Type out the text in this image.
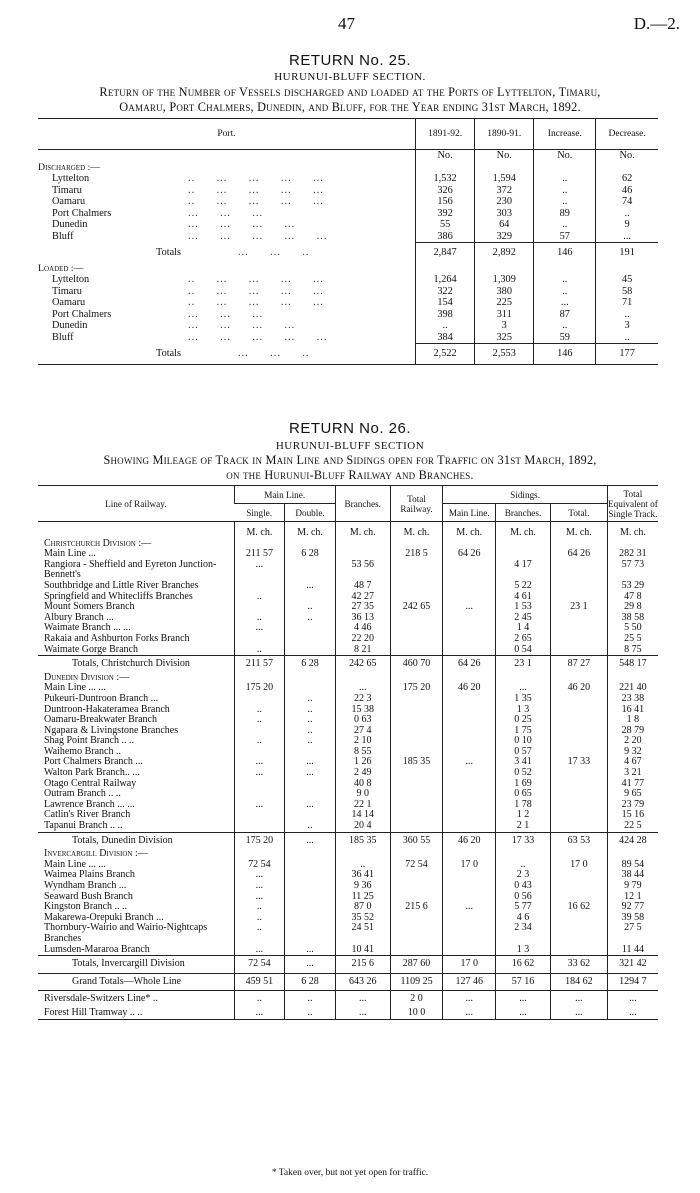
47	D.—2.
RETURN No. 25.
HURUNUI-BLUFF SECTION.
Return of the Number of Vessels discharged and loaded at the Ports of Lyttelton, Timaru,
Oamaru, Port Chalmers, Dunedin, and Bluff, for the Year ending 31st March, 1892.
Port.	1891-92.	1890-91.	Increase.	Decrease.
	No.	No.	No.	No.
Discharged :—				
Lyttelton ..      ...      ...      ...      ...	1,532	1,594	..	62
Timaru ..      ...      ...      ...      ...	326	372	..	46
Oamaru ..      ...      ...      ...      ...	156	230	..	74
Port Chalmers ...      ...      ...	392	303	89	..
Dunedin ...      ...      ...      ...	55	64	..	9
Bluff ...      ...      ...      ...      ...	386	329	57	...
Totals ...      ...      ..	2,847	2,892	146	191
Loaded :—				
Lyttelton ..      ...      ...      ...      ...	1,264	1,309	..	45
Timaru ..      ...      ...      ...      ...	322	380	..	58
Oamaru ..      ...      ...      ...      ...	154	225	...	71
Port Chalmers ...      ...      ...	398	311	87	..
Dunedin ...      ...      ...      ...	..	3	..	3
Bluff ...      ...      ...      ...      ...	384	325	59	..
Totals ...      ...      ..	2,522	2,553	146	177
RETURN No. 26.
HURUNUI-BLUFF SECTION
Showing Mileage of Track in Main Line and Sidings open for Traffic on 31st March, 1892,
on the Hurunui-Bluff Railway and Branches.
Line of Railway.	Main Line.		Branches.	Total Railway.	Sidings.			Total Equivalent of Single Track.
	Single.	Double.			Main Line.	Branches.	Total.	

	M. ch.	M. ch.	M. ch.	M. ch.	M. ch.	M. ch.	M. ch.	M. ch.
Christchurch Division :—								
Main Line ...	211 57	6 28		218 5	64 26		64 26	282 31
Rangiora - Sheffield and Eyreton Junction-Bennett's	...		53 56			4 17		57 73
Southbridge and Little River Branches		...	48 7			5 22		53 29
Springfield and Whitecliffs Branches	..		42 27			4 61		47 8
Mount Somers Branch		..	27 35	242 65	...	1 53	23 1	29 8
Albury Branch ...	..	..	36 13			2 45		38 58
Waimate Branch ... ...	...		4 46			1 4		5 50
Rakaia and Ashburton Forks Branch			22 20			2 65		25 5
Waimate Gorge Branch	..		8 21			0 54		8 75
Totals, Christchurch Division	211 57	6 28	242 65	460 70	64 26	23 1	87 27	548 17
Dunedin Division :—								
Main Line ... ...	175 20		...	175 20	46 20	...	46 20	221 40
Pukeuri-Duntroon Branch ...		..	22 3			1 35		23 38
Duntroon-Hakateramea Branch	..	..	15 38			1 3		16 41
Oamaru-Breakwater Branch	..	..	0 63			0 25		1 8
Ngapara & Livingstone Branches		..	27 4			1 75		28 79
Shag Point Branch .. ..	..	..	2 10			0 10		2 20
Waihemo Branch ..			8 55			0 57		9 32
Port Chalmers Branch ...	...	...	1 26	185 35	...	3 41	17 33	4 67
Walton Park Branch.. ...	...	...	2 49			0 52		3 21
Otago Central Railway			40 8			1 69		41 77
Outram Branch .. ..			9 0			0 65		9 65
Lawrence Branch ... ...	...	...	22 1			1 78		23 79
Catlin's River Branch			14 14			1 2		15 16
Tapanui Branch .. ..		..	20 4			2 1		22 5
Totals, Dunedin Division	175 20	...	185 35	360 55	46 20	17 33	63 53	424 28
Invercargill Division :—								
Main Line ... ...	72 54		..	72 54	17 0	..	17 0	89 54
Waimea Plains Branch	...		36 41			2 3		38 44
Wyndham Branch ...	...		9 36			0 43		9 79
Seaward Bush Branch	...		11 25			0 56		12 1
Kingston Branch .. ..	..		87 0	215 6	...	5 77	16 62	92 77
Makarewa-Orepuki Branch ...	..		35 52			4 6		39 58
Thornbury-Wairio and Wairio-Nightcaps Branches	..		24 51			2 34		27 5
Lumsden-Mararoa Branch	...	...	10 41			1 3		11 44
Totals, Invercargill Division	72 54	...	215 6	287 60	17 0	16 62	33 62	321 42
Grand Totals—Whole Line	459 51	6 28	643 26	1109 25	127 46	57 16	184 62	1294 7
Riversdale-Switzers Line* ..	..	..	...	2 0	...	...	...	...
Forest Hill Tramway .. ..	...	..	...	10 0	...	...	...	...
* Taken over, but not yet open for traffic.
